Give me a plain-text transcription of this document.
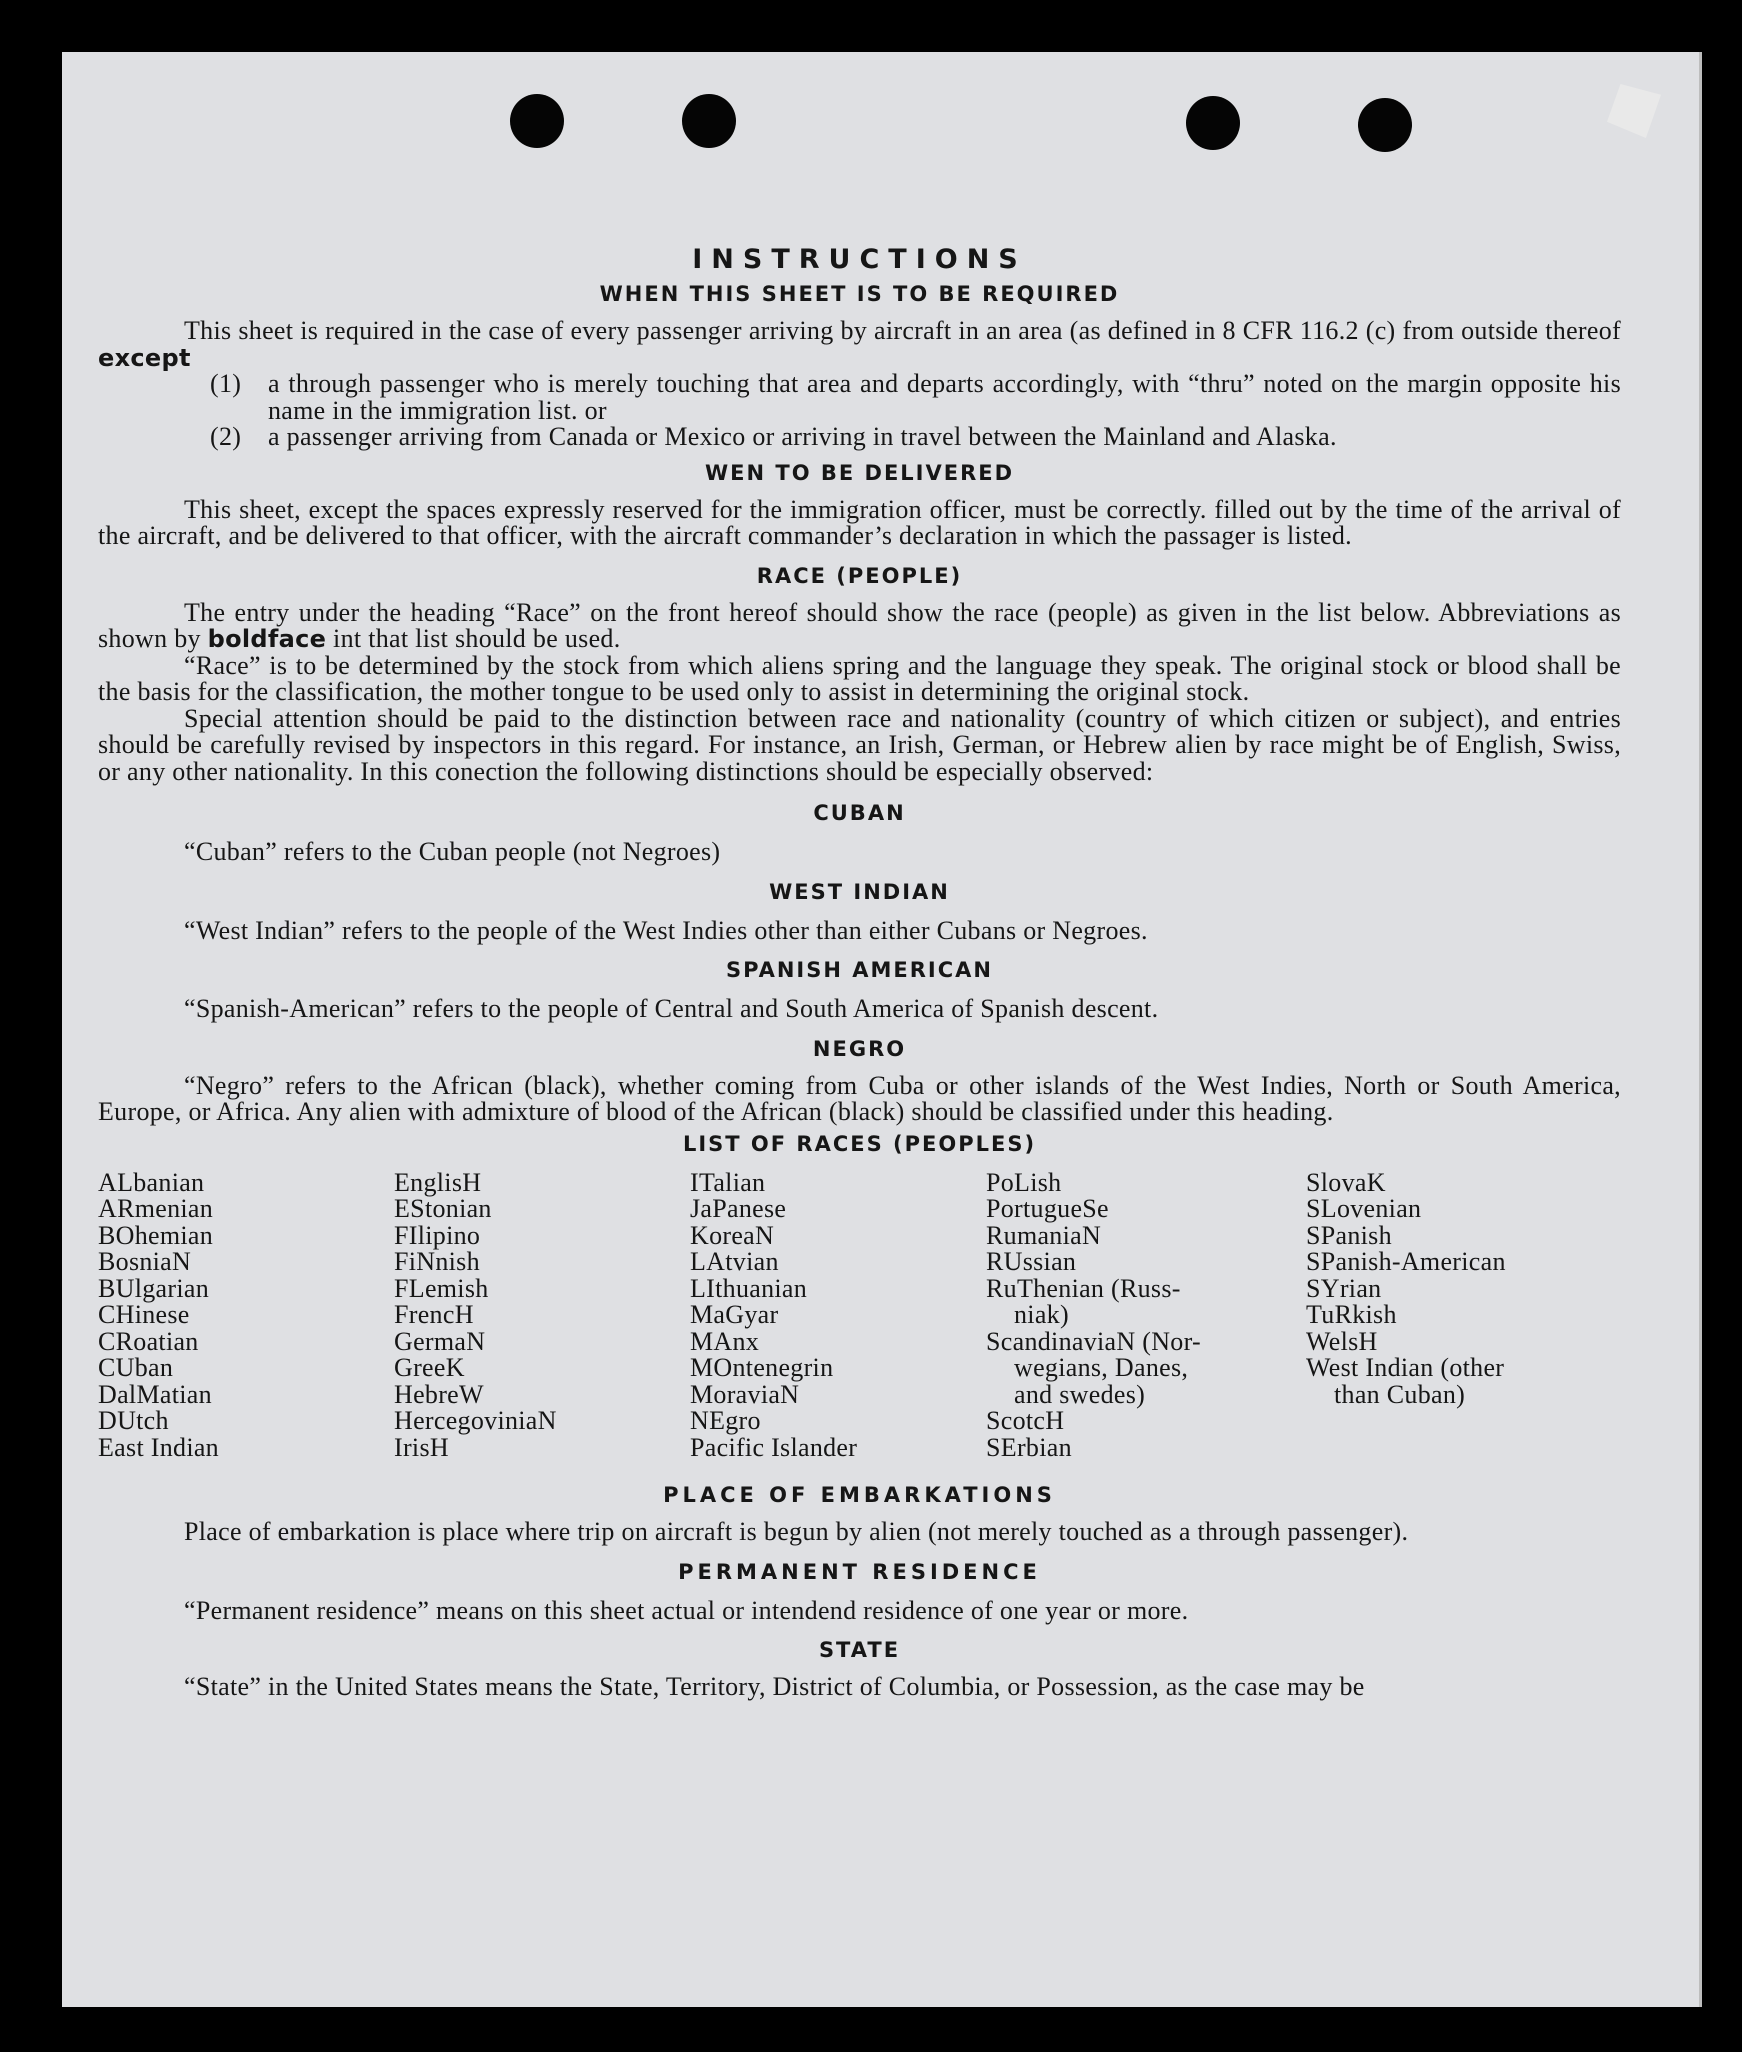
INSTRUCTIONS
WHEN THIS SHEET IS TO BE REQUIRED

This sheet is required in the case of every passenger arriving by aircraft in an area (as defined in 8 CFR 116.2 (c) from outside thereof except

(1)	a through passenger who is merely touching that area and departs accordingly, with “thru” noted on the margin opposite his name in the immigration list. or
(2)	a passenger arriving from Canada or Mexico or arriving in travel between the Mainland and Alaska.
WEN TO BE DELIVERED

This sheet, except the spaces expressly reserved for the immigration officer, must be correctly. filled out by the time of the arrival of the aircraft, and be delivered to that officer, with the aircraft commander’s declaration in which the passager is listed.

RACE (PEOPLE)

The entry under the heading “Race” on the front hereof should show the race (people) as given in the list below. Abbreviations as shown by boldface int that list should be used.

“Race” is to be determined by the stock from which aliens spring and the language they speak. The original stock or blood shall be the basis for the classification, the mother tongue to be used only to assist in determining the original stock.

Special attention should be paid to the distinction between race and nationality (country of which citizen or subject), and entries should be carefully revised by inspectors in this regard. For instance, an Irish, German, or Hebrew alien by race might be of English, Swiss, or any other nationality. In this conection the following distinctions should be especially observed:

CUBAN

“Cuban” refers to the Cuban people (not Negroes)

WEST INDIAN

“West Indian” refers to the people of the West Indies other than either Cubans or Negroes.

SPANISH AMERICAN

“Spanish-American” refers to the people of Central and South America of Spanish descent.

NEGRO

“Negro” refers to the African (black), whether coming from Cuba or other islands of the West Indies, North or South America, Europe, or Africa. Any alien with admixture of blood of the African (black) should be classified under this heading.

LIST OF RACES (PEOPLES)
ALbanian
ARmenian
BOhemian
BosniaN
BUlgarian
CHinese
CRoatian
CUban
DalMatian
DUtch
East Indian
EnglisH
EStonian
FIlipino
FiNnish
FLemish
FrencH
GermaN
GreeK
HebreW
HercegoviniaN
IrisH
ITalian
JaPanese
KoreaN
LAtvian
LIthuanian
MaGyar
MAnx
MOntenegrin
MoraviaN
NEgro
Pacific Islander
PoLish
PortugueSe
RumaniaN
RUssian
RuThenian (Russ-
niak)
ScandinaviaN (Nor-
wegians, Danes,
and swedes)
ScotcH
SErbian
SlovaK
SLovenian
SPanish
SPanish-American
SYrian
TuRkish
WelsH
West Indian (other
than Cuban)
PLACE OF EMBARKATIONS

Place of embarkation is place where trip on aircraft is begun by alien (not merely touched as a through passenger).

PERMANENT RESIDENCE

“Permanent residence” means on this sheet actual or intendend residence of one year or more.

STATE

“State” in the United States means the State, Territory, District of Columbia, or Possession, as the case may be
